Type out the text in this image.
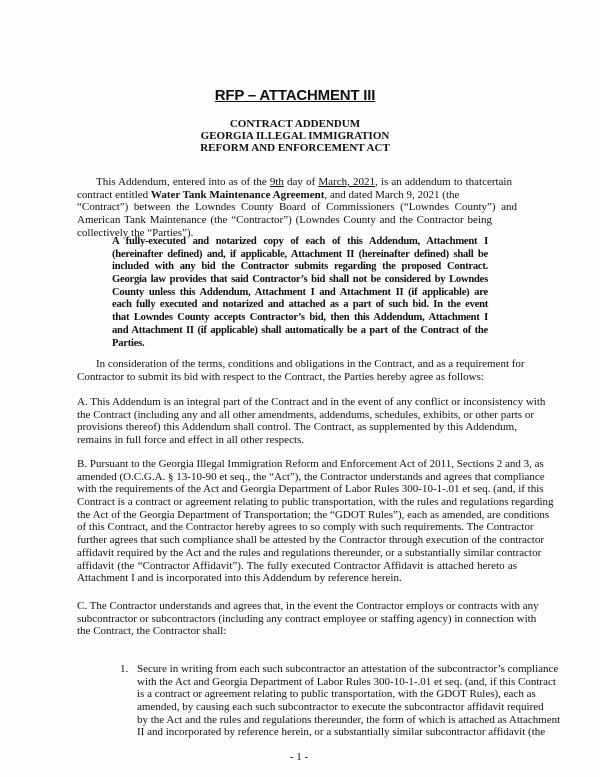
RFP – ATTACHMENT III
CONTRACT ADDENDUM
GEORGIA ILLEGAL IMMIGRATION
REFORM AND ENFORCEMENT ACT
This Addendum, entered into as of the 9th day of March, 2021, is an addendum to thatcertain
contract entitled Water Tank Maintenance Agreement, and dated March 9, 2021 (the
“Contract”) between the Lowndes County Board of Commissioners (“Lowndes County”) and
American Tank Maintenance (the “Contractor”) (Lowndes County and the Contractor being
collectively the “Parties”).
A fully-executed and notarized copy of each of this Addendum, Attachment I
(hereinafter defined) and, if applicable, Attachment II (hereinafter defined) shall be
included with any bid the Contractor submits regarding the proposed Contract.
Georgia law provides that said Contractor’s bid shall not be considered by Lowndes
County unless this Addendum, Attachment I and Attachment II (if applicable) are
each fully executed and notarized and attached as a part of such bid. In the event
that Lowndes County accepts Contractor’s bid, then this Addendum, Attachment I
and Attachment II (if applicable) shall automatically be a part of the Contract of the
Parties.
In consideration of the terms, conditions and obligations in the Contract, and as a requirement for
Contractor to submit its bid with respect to the Contract, the Parties hereby agree as follows:
A. This Addendum is an integral part of the Contract and in the event of any conflict or inconsistency with
the Contract (including any and all other amendments, addendums, schedules, exhibits, or other parts or
provisions thereof) this Addendum shall control. The Contract, as supplemented by this Addendum,
remains in full force and effect in all other respects.
B. Pursuant to the Georgia Illegal Immigration Reform and Enforcement Act of 2011, Sections 2 and 3, as
amended (O.C.G.A. § 13-10-90 et seq., the “Act”), the Contractor understands and agrees that compliance
with the requirements of the Act and Georgia Department of Labor Rules 300-10-1-.01 et seq. (and, if this
Contract is a contract or agreement relating to public transportation, with the rules and regulations regarding
the Act of the Georgia Department of Transportation; the “GDOT Rules”), each as amended, are conditions
of this Contract, and the Contractor hereby agrees to so comply with such requirements. The Contractor
further agrees that such compliance shall be attested by the Contractor through execution of the contractor
affidavit required by the Act and the rules and regulations thereunder, or a substantially similar contractor
affidavit (the “Contractor Affidavit”). The fully executed Contractor Affidavit is attached hereto as
Attachment I and is incorporated into this Addendum by reference herein.
C. The Contractor understands and agrees that, in the event the Contractor employs or contracts with any
subcontractor or subcontractors (including any contract employee or staffing agency) in connection with
the Contract, the Contractor shall:
1. Secure in writing from each such subcontractor an attestation of the subcontractor’s compliance
with the Act and Georgia Department of Labor Rules 300-10-1-.01 et seq. (and, if this Contract
is a contract or agreement relating to public transportation, with the GDOT Rules), each as
amended, by causing each such subcontractor to execute the subcontractor affidavit required
by the Act and the rules and regulations thereunder, the form of which is attached as Attachment
II and incorporated by reference herein, or a substantially similar subcontractor affidavit (the
- 1 -
